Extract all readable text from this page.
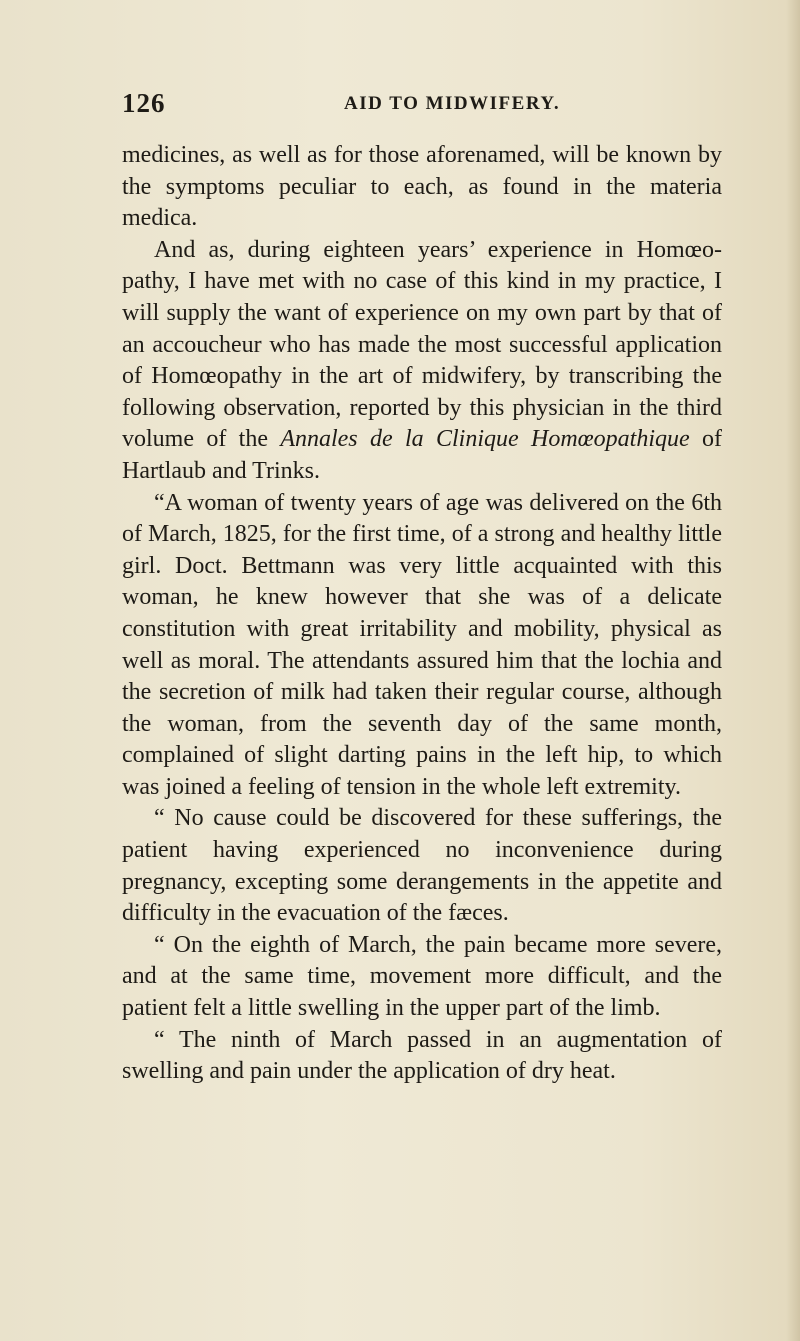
126	AID TO MIDWIFERY.

medicines, as well as for those aforenamed, will be known by the symptoms peculiar to each, as found in the materia medica.

And as, during eighteen years’ experience in Homœo- pathy, I have met with no case of this kind in my practice, I will supply the want of experience on my own part by that of an accoucheur who has made the most successful application of Homœopathy in the art of midwifery, by transcribing the following observation, reported by this physician in the third volume of the Annales de la Clinique Homœopathique of Hartlaub and Trinks.

“A woman of twenty years of age was delivered on the 6th of March, 1825, for the first time, of a strong and healthy little girl. Doct. Bettmann was very little acquainted with this woman, he knew however that she was of a delicate constitution with great irritability and mobility, physical as well as moral. The attendants assured him that the lochia and the secretion of milk had taken their regular course, although the woman, from the seventh day of the same month, complained of slight darting pains in the left hip, to which was joined a feeling of tension in the whole left extremity.

“ No cause could be discovered for these sufferings, the patient having experienced no inconvenience during pregnancy, excepting some derangements in the appetite and difficulty in the evacuation of the fæces.

“ On the eighth of March, the pain became more severe, and at the same time, movement more difficult, and the patient felt a little swelling in the upper part of the limb.

“ The ninth of March passed in an augmentation of swelling and pain under the application of dry heat.
